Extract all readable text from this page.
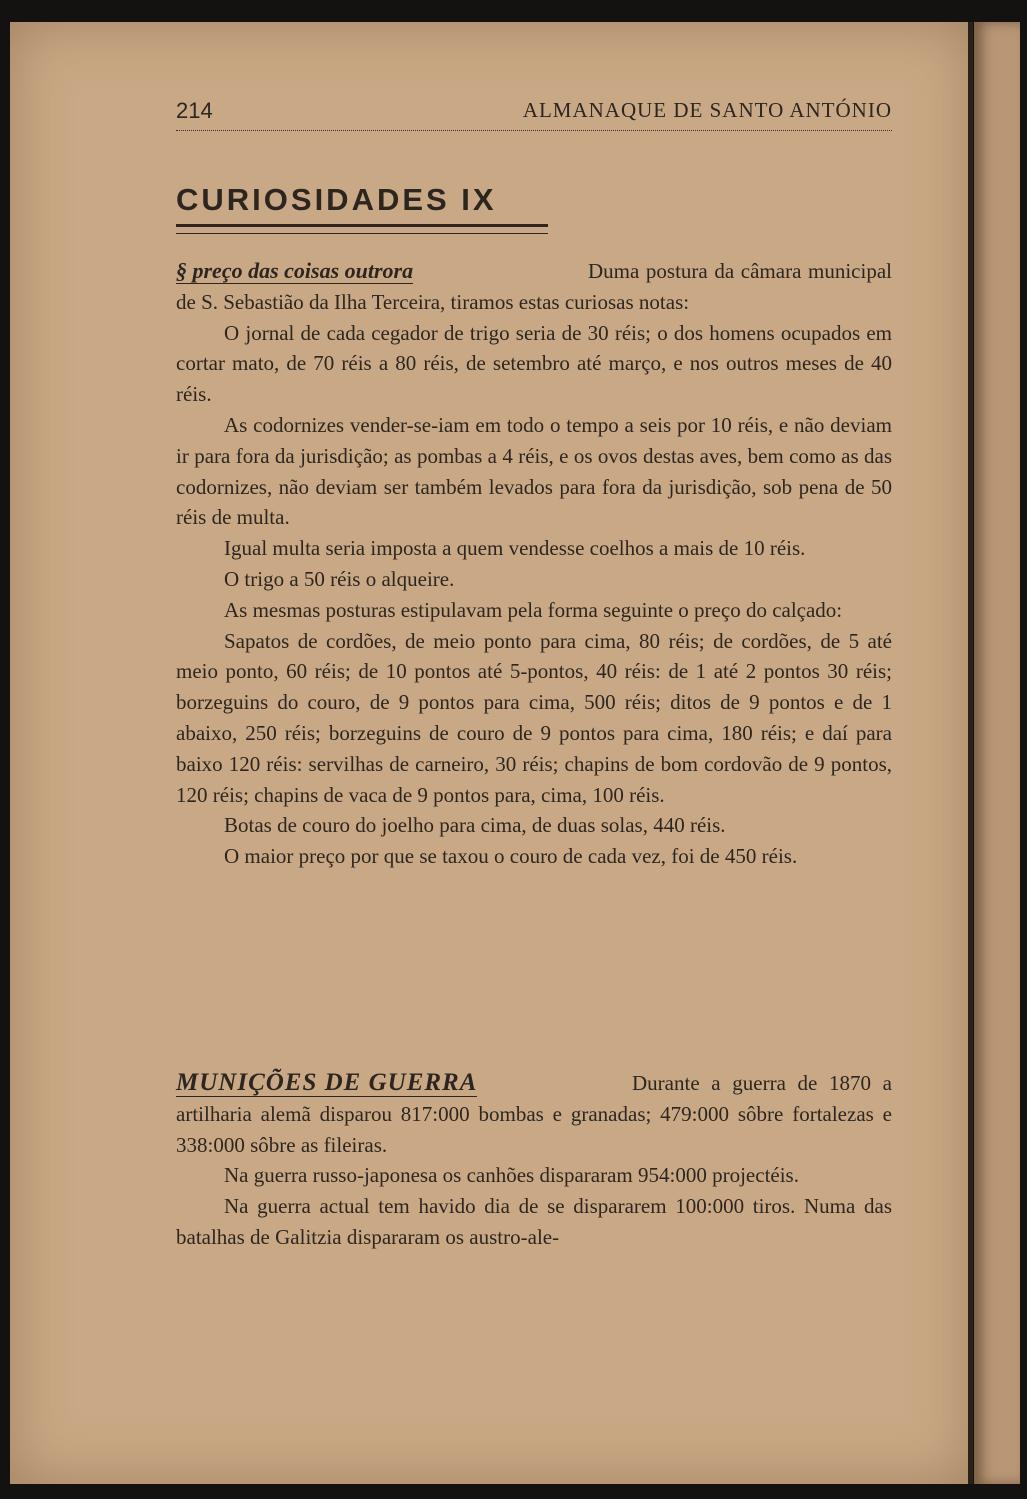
214	ALMANAQUE DE SANTO ANTÓNIO
CURIOSIDADES IX
§ preço das coisas outrora	Duma postura da câmara municipal de S. Sebastião da Ilha Terceira, tiramos estas curiosas notas:

O jornal de cada cegador de trigo seria de 30 réis; o dos homens ocupados em cortar mato, de 70 réis a 80 réis, de setembro até março, e nos outros meses de 40 réis.

As codornizes vender-se-iam em todo o tempo a seis por 10 réis, e não deviam ir para fora da jurisdição; as pombas a 4 réis, e os ovos destas aves, bem como as das codornizes, não deviam ser também levados para fora da jurisdição, sob pena de 50 réis de multa.

Igual multa seria imposta a quem vendesse coelhos a mais de 10 réis.

O trigo a 50 réis o alqueire.

As mesmas posturas estipulavam pela forma seguinte o preço do calçado:

Sapatos de cordões, de meio ponto para cima, 80 réis; de cordões, de 5 até meio ponto, 60 réis; de 10 pontos até 5-pontos, 40 réis: de 1 até 2 pontos 30 réis; borzeguins do couro, de 9 pontos para cima, 500 réis; ditos de 9 pontos e de 1 abaixo, 250 réis; borzeguins de couro de 9 pontos para cima, 180 réis; e daí para baixo 120 réis: servilhas de carneiro, 30 réis; chapins de bom cordovão de 9 pontos, 120 réis; chapins de vaca de 9 pontos para, cima, 100 réis.

Botas de couro do joelho para cima, de duas solas, 440 réis.

O maior preço por que se taxou o couro de cada vez, foi de 450 réis.

MUNIÇÕES DE GUERRA	Durante a guerra de 1870 a artilharia alemã disparou 817:000 bombas e granadas; 479:000 sôbre fortalezas e 338:000 sôbre as fileiras.

Na guerra russo-japonesa os canhões dispararam 954:000 projectéis.

Na guerra actual tem havido dia de se dispararem 100:000 tiros. Numa das batalhas de Galitzia dispararam os austro-ale-
